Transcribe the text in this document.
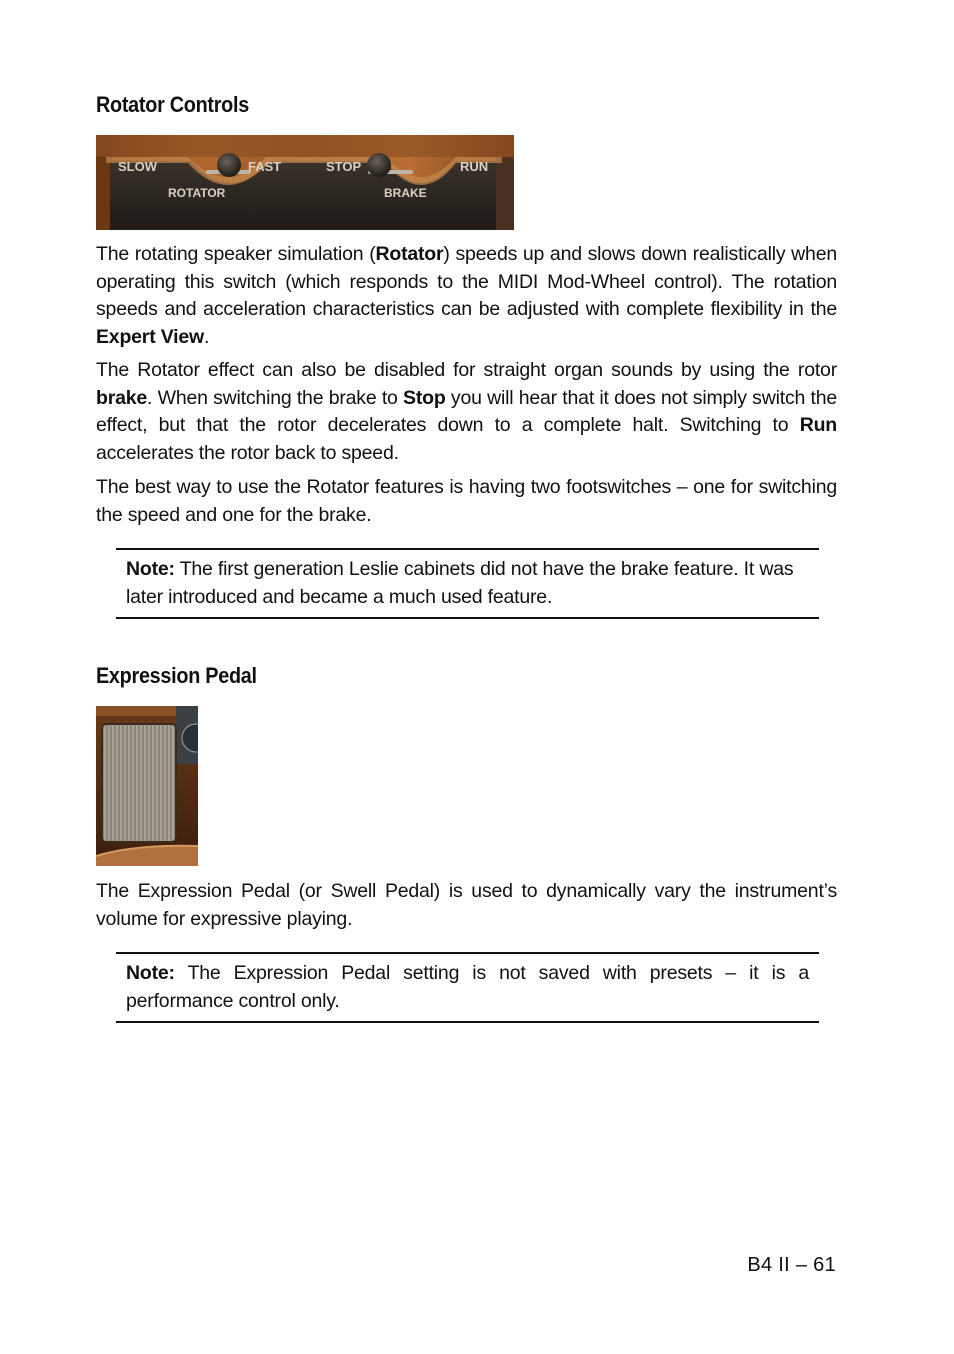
Rotator Controls
SLOW	FAST	STOP	RUN
ROTATOR	BRAKE

The rotating speaker simulation (Rotator) speeds up and slows down realistically when operating this switch (which responds to the MIDI Mod-Wheel control). The rotation speeds and acceleration characteristics can be adjusted with complete flexibility in the Expert View.

The Rotator effect can also be disabled for straight organ sounds by using the rotor brake. When switching the brake to Stop you will hear that it does not simply switch the effect, but that the rotor decelerates down to a complete halt. Switching to Run accelerates the rotor back to speed.

The best way to use the Rotator features is having two footswitches – one for switching the speed and one for the brake.

Note: The first generation Leslie cabinets did not have the brake feature. It was later introduced and became a much used feature.

Expression Pedal

The Expression Pedal (or Swell Pedal) is used to dynamically vary the instrument’s volume for expressive playing.

Note: The Expression Pedal setting is not saved with presets – it is a performance control only.

B4 II – 61
